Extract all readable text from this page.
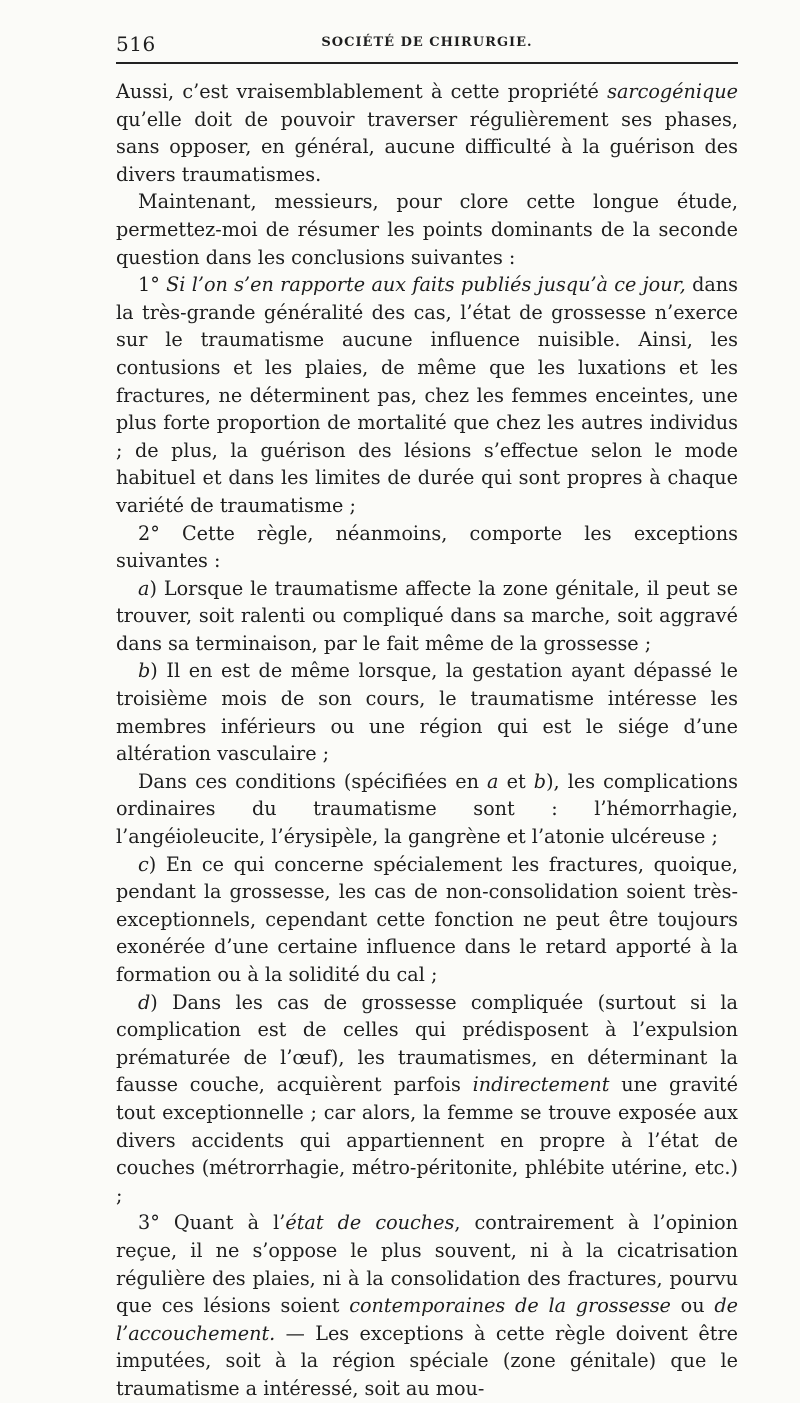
516	SOCIÉTÉ DE CHIRURGIE.

Aussi, c’est vraisemblablement à cette propriété sarcogénique qu’elle doit de pouvoir traverser régulièrement ses phases, sans opposer, en général, aucune difficulté à la guérison des divers traumatismes.

Maintenant, messieurs, pour clore cette longue étude, permettez-moi de résumer les points dominants de la seconde question dans les conclusions suivantes :

1° Si l’on s’en rapporte aux faits publiés jusqu’à ce jour, dans la très-grande généralité des cas, l’état de grossesse n’exerce sur le traumatisme aucune influence nuisible. Ainsi, les contusions et les plaies, de même que les luxations et les fractures, ne déterminent pas, chez les femmes enceintes, une plus forte proportion de mortalité que chez les autres individus ; de plus, la guérison des lésions s’effectue selon le mode habituel et dans les limites de durée qui sont propres à chaque variété de traumatisme ;

2° Cette règle, néanmoins, comporte les exceptions suivantes :

a) Lorsque le traumatisme affecte la zone génitale, il peut se trouver, soit ralenti ou compliqué dans sa marche, soit aggravé dans sa terminaison, par le fait même de la grossesse ;

b) Il en est de même lorsque, la gestation ayant dépassé le troisième mois de son cours, le traumatisme intéresse les membres inférieurs ou une région qui est le siége d’une altération vasculaire ;

Dans ces conditions (spécifiées en a et b), les complications ordinaires du traumatisme sont : l’hémorrhagie, l’angéioleucite, l’érysipèle, la gangrène et l’atonie ulcéreuse ;

c) En ce qui concerne spécialement les fractures, quoique, pendant la grossesse, les cas de non-consolidation soient très-exceptionnels, cependant cette fonction ne peut être toujours exonérée d’une certaine influence dans le retard apporté à la formation ou à la solidité du cal ;

d) Dans les cas de grossesse compliquée (surtout si la complication est de celles qui prédisposent à l’expulsion prématurée de l’œuf), les traumatismes, en déterminant la fausse couche, acquièrent parfois indirectement une gravité tout exceptionnelle ; car alors, la femme se trouve exposée aux divers accidents qui appartiennent en propre à l’état de couches (métrorrhagie, métro-péritonite, phlébite utérine, etc.) ;

3° Quant à l’état de couches, contrairement à l’opinion reçue, il ne s’oppose le plus souvent, ni à la cicatrisation régulière des plaies, ni à la consolidation des fractures, pourvu que ces lésions soient contemporaines de la grossesse ou de l’accouchement. — Les exceptions à cette règle doivent être imputées, soit à la région spéciale (zone génitale) que le traumatisme a intéressé, soit au mou-
